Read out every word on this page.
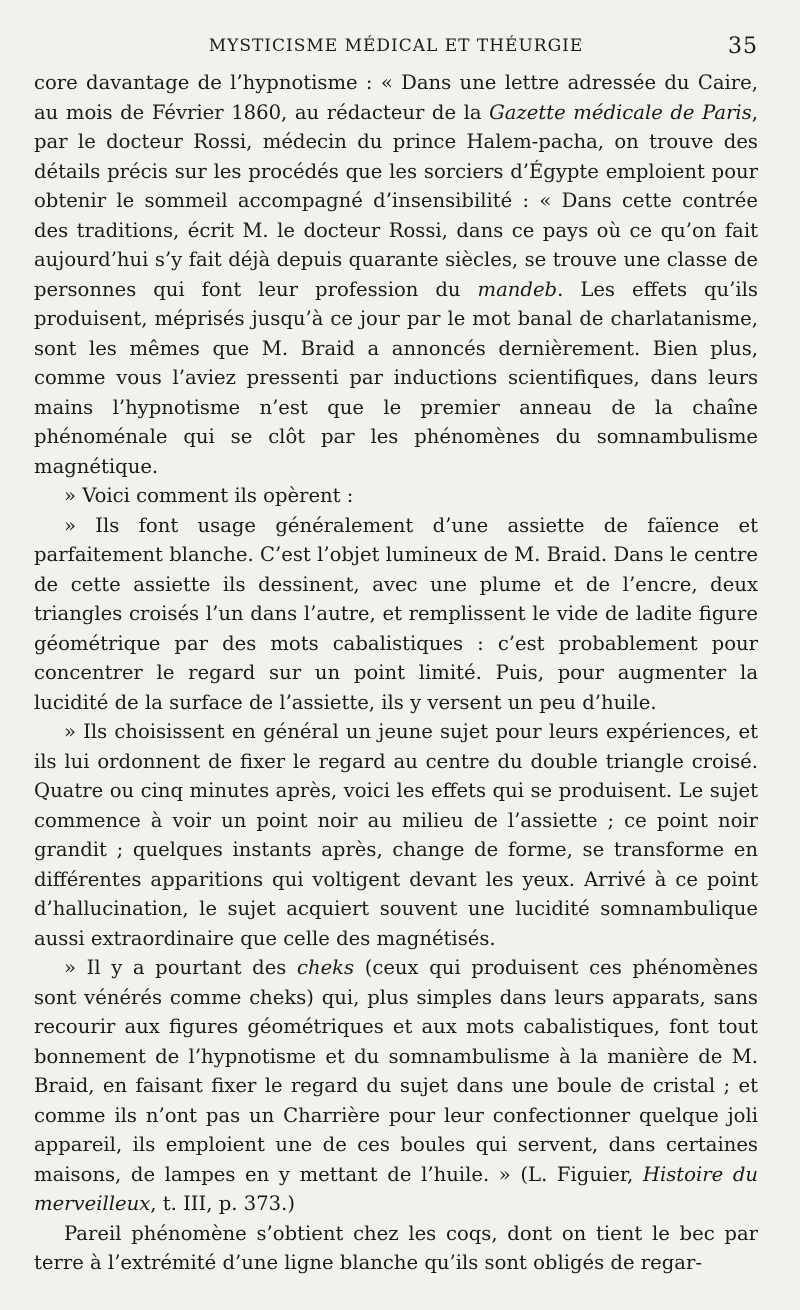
MYSTICISME MÉDICAL ET THÉURGIE	35

core davantage de l’hypnotisme : « Dans une lettre adressée du Caire, au mois de Février 1860, au rédacteur de la Gazette médicale de Paris, par le docteur Rossi, médecin du prince Halem-pacha, on trouve des détails précis sur les procédés que les sorciers d’Égypte emploient pour obtenir le sommeil accompagné d’insensibilité : « Dans cette contrée des traditions, écrit M. le docteur Rossi, dans ce pays où ce qu’on fait aujourd’hui s’y fait déjà depuis quarante siècles, se trouve une classe de personnes qui font leur profession du mandeb. Les effets qu’ils produisent, méprisés jusqu’à ce jour par le mot banal de charlatanisme, sont les mêmes que M. Braid a annoncés dernièrement. Bien plus, comme vous l’aviez pressenti par inductions scientifiques, dans leurs mains l’hypnotisme n’est que le premier anneau de la chaîne phénoménale qui se clôt par les phénomènes du somnambulisme magnétique.

» Voici comment ils opèrent :

» Ils font usage généralement d’une assiette de faïence et parfaitement blanche. C’est l’objet lumineux de M. Braid. Dans le centre de cette assiette ils dessinent, avec une plume et de l’encre, deux triangles croisés l’un dans l’autre, et remplissent le vide de ladite figure géométrique par des mots cabalistiques : c’est probablement pour concentrer le regard sur un point limité. Puis, pour augmenter la lucidité de la surface de l’assiette, ils y versent un peu d’huile.

» Ils choisissent en général un jeune sujet pour leurs expériences, et ils lui ordonnent de fixer le regard au centre du double triangle croisé. Quatre ou cinq minutes après, voici les effets qui se produisent. Le sujet commence à voir un point noir au milieu de l’assiette ; ce point noir grandit ; quelques instants après, change de forme, se transforme en différentes apparitions qui voltigent devant les yeux. Arrivé à ce point d’hallucination, le sujet acquiert souvent une lucidité somnambulique aussi extraordinaire que celle des magnétisés.

» Il y a pourtant des cheks (ceux qui produisent ces phénomènes sont vénérés comme cheks) qui, plus simples dans leurs apparats, sans recourir aux figures géométriques et aux mots cabalistiques, font tout bonnement de l’hypnotisme et du somnambulisme à la manière de M. Braid, en faisant fixer le regard du sujet dans une boule de cristal ; et comme ils n’ont pas un Charrière pour leur confectionner quelque joli appareil, ils emploient une de ces boules qui servent, dans certaines maisons, de lampes en y mettant de l’huile. » (L. Figuier, Histoire du merveilleux, t. III, p. 373.)

Pareil phénomène s’obtient chez les coqs, dont on tient le bec par terre à l’extrémité d’une ligne blanche qu’ils sont obligés de regar-
